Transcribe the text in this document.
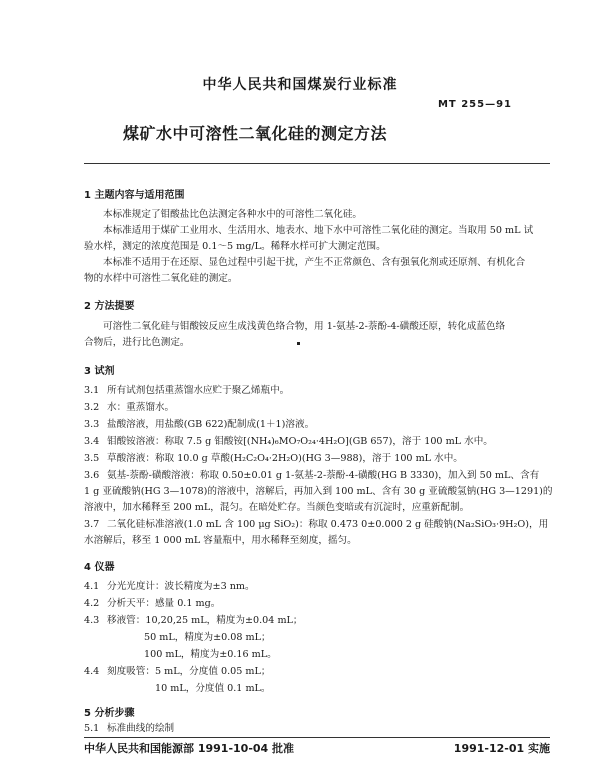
中华人民共和国煤炭行业标准
MT 255—91
煤矿水中可溶性二氧化硅的测定方法
1 主题内容与适用范围
本标准规定了钼酸盐比色法测定各种水中的可溶性二氧化硅。
本标准适用于煤矿工业用水、生活用水、地表水、地下水中可溶性二氧化硅的测定。当取用 50 mL 试
验水样，测定的浓度范围是 0.1～5 mg/L。稀释水样可扩大测定范围。
本标准不适用于在还原、显色过程中引起干扰，产生不正常颜色、含有强氧化剂或还原剂、有机化合
物的水样中可溶性二氧化硅的测定。
2 方法提要
可溶性二氧化硅与钼酸铵反应生成浅黄色络合物，用 1-氨基-2-萘酚-4-磺酸还原，转化成蓝色络
合物后，进行比色测定。
3 试剂
3.1 所有试剂包括重蒸馏水应贮于聚乙烯瓶中。
3.2 水：重蒸馏水。
3.3 盐酸溶液，用盐酸(GB 622)配制成(1＋1)溶液。
3.4 钼酸铵溶液：称取 7.5 g 钼酸铵[(NH₄)₆MO₇O₂₄·4H₂O](GB 657)，溶于 100 mL 水中。
3.5 草酸溶液：称取 10.0 g 草酸(H₂C₂O₄·2H₂O)(HG 3—988)，溶于 100 mL 水中。
3.6 氨基-萘酚-磺酸溶液：称取 0.50±0.01 g 1-氨基-2-萘酚-4-磺酸(HG B 3330)，加入到 50 mL、含有
1 g 亚硫酸钠(HG 3—1078)的溶液中，溶解后，再加入到 100 mL、含有 30 g 亚硫酸氢钠(HG 3—1291)的
溶液中，加水稀释至 200 mL，混匀。在暗处贮存。当颜色变暗或有沉淀时，应重新配制。
3.7 二氧化硅标准溶液(1.0 mL 含 100 μg SiO₂)：称取 0.473 0±0.000 2 g 硅酸钠(Na₂SiO₃·9H₂O)，用
水溶解后，移至 1 000 mL 容量瓶中，用水稀释至刻度，摇匀。
4 仪器
4.1 分光光度计：波长精度为±3 nm。
4.2 分析天平：感量 0.1 mg。
4.3 移液管：10,20,25 mL，精度为±0.04 mL；
50 mL，精度为±0.08 mL；
100 mL，精度为±0.16 mL。
4.4 刻度吸管：5 mL，分度值 0.05 mL；
10 mL，分度值 0.1 mL。
5 分析步骤
5.1 标准曲线的绘制
中华人民共和国能源部 1991-10-04 批准	1991-12-01 实施
